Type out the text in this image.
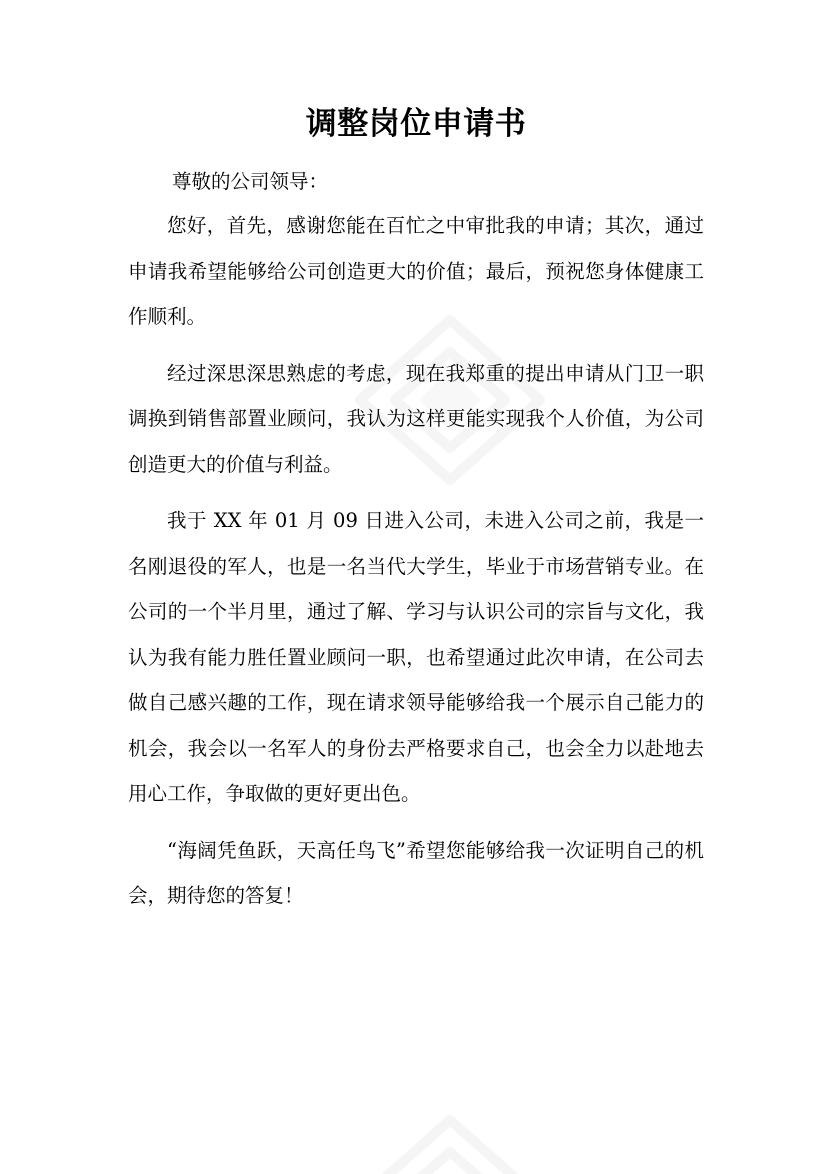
调整岗位申请书

尊敬的公司领导：

您好，首先，感谢您能在百忙之中审批我的申请；其次，通过申请我希望能够给公司创造更大的价值；最后，预祝您身体健康工作顺利。

经过深思深思熟虑的考虑，现在我郑重的提出申请从门卫一职调换到销售部置业顾问，我认为这样更能实现我个人价值，为公司创造更大的价值与利益。

我于 XX 年 01 月 09 日进入公司，未进入公司之前，我是一名刚退役的军人，也是一名当代大学生，毕业于市场营销专业。在公司的一个半月里，通过了解、学习与认识公司的宗旨与文化，我认为我有能力胜任置业顾问一职，也希望通过此次申请，在公司去做自己感兴趣的工作，现在请求领导能够给我一个展示自己能力的机会，我会以一名军人的身份去严格要求自己，也会全力以赴地去用心工作，争取做的更好更出色。

“海阔凭鱼跃，天高任鸟飞”希望您能够给我一次证明自己的机会，期待您的答复！
